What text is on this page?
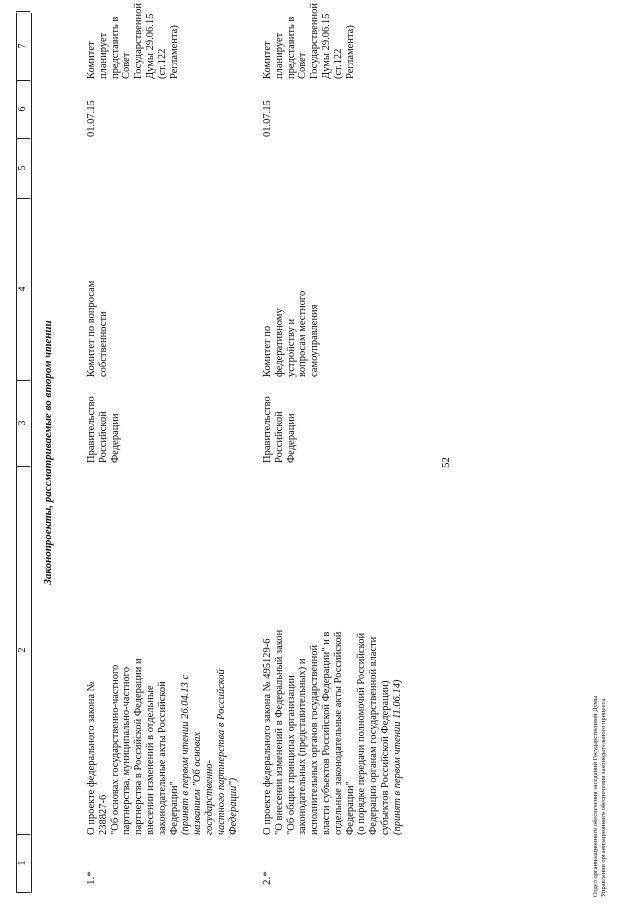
52
1
2
3
4
5
6
7
Законопроекты, рассматриваемые во втором чтении
1.*
О проекте федерального закона № 238827-6 "Об основах государственно-частного партнерства, муниципально-частного партнерства в Российской Федерации и внесении изменений в отдельные законодательные акты Российской Федерации" (принят в первом чтении 26.04.13 с названием "Об основах государственно- частного партнерства в Российской Федерации")
Правительство Российской Федерации
Комитет по вопросам собственности
01.07.15
Комитет планирует представить в Совет Государственной Думы 29.06.15 (ст.122 Регламента)
2.*
О проекте федерального закона № 495129-6 "О внесении изменений в Федеральный закон "Об общих принципах организации законодательных (представительных) и исполнительных органов государственной власти субъектов Российской Федерации" и в отдельные законодательные акты Российской Федерации" (о порядке передачи полномочий Российской Федерации органам государственной власти субъектов Российской Федерации) (принят в первом чтении 11.06.14)
Правительство Российской Федерации
Комитет по федеративному устройству и вопросам местного самоуправления
01.07.15
Комитет планирует представить в Совет Государственной Думы 29.06.15 (ст.122 Регламента)
Отдел организационного обеспечения заседаний Государственной Думы Управления организационного обеспечения законодательного процесса
